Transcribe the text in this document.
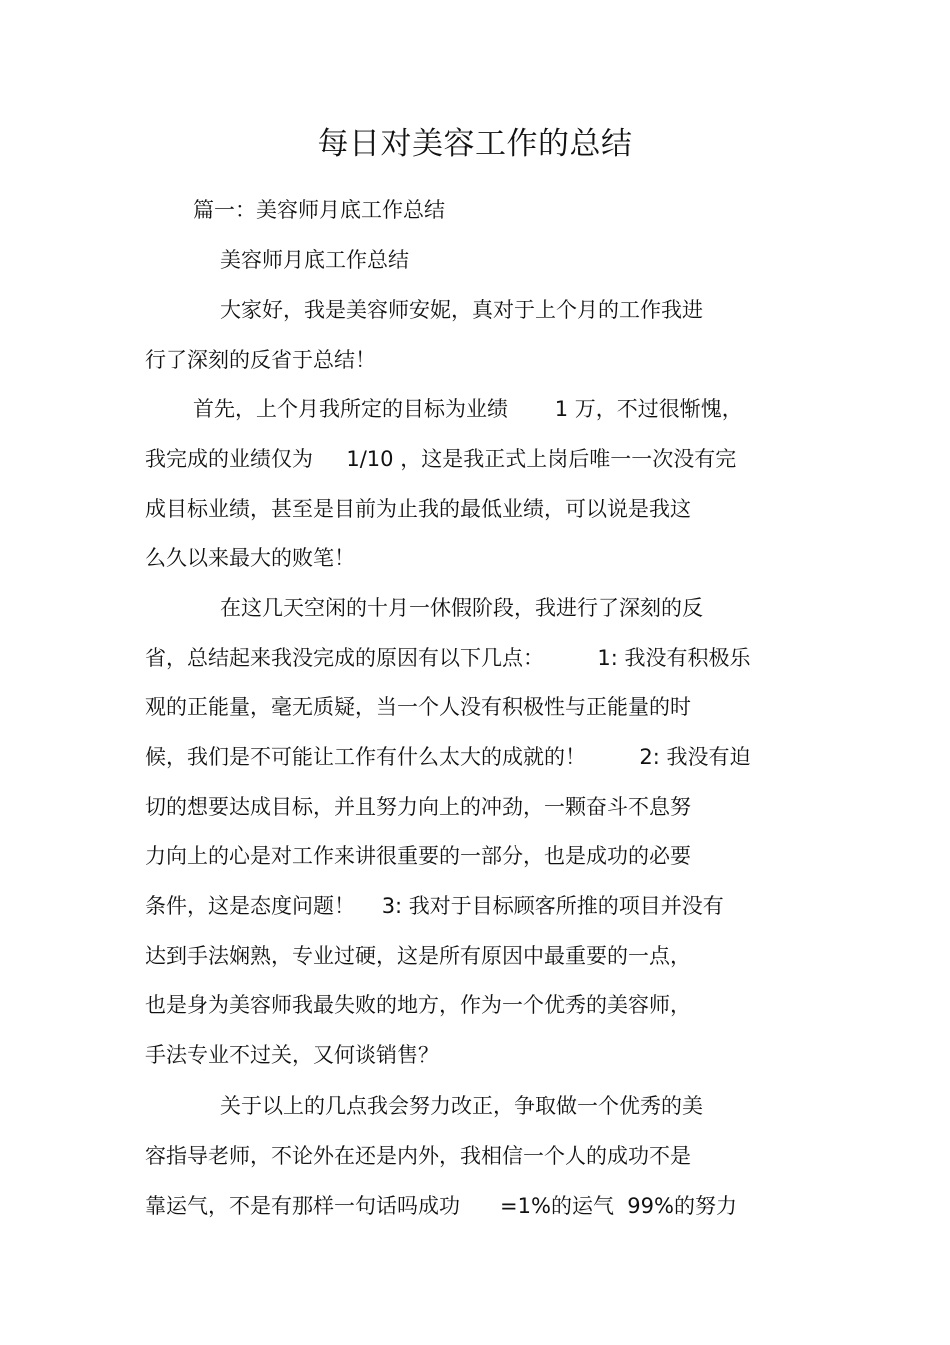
每日对美容工作的总结
篇一：美容师月底工作总结
美容师月底工作总结
大家好，我是美容师安妮，真对于上个月的工作我进
行了深刻的反省于总结！
首先，上个月我所定的目标为业绩       1 万，不过很惭愧，
我完成的业绩仅为     1/10 ，这是我正式上岗后唯一一次没有完
成目标业绩，甚至是目前为止我的最低业绩，可以说是我这
么久以来最大的败笔！
在这几天空闲的十月一休假阶段，我进行了深刻的反
省，总结起来我没完成的原因有以下几点：        1: 我没有积极乐
观的正能量，毫无质疑，当一个人没有积极性与正能量的时
候，我们是不可能让工作有什么太大的成就的！        2: 我没有迫
切的想要达成目标，并且努力向上的冲劲，一颗奋斗不息努
力向上的心是对工作来讲很重要的一部分，也是成功的必要
条件，这是态度问题！    3: 我对于目标顾客所推的项目并没有
达到手法娴熟，专业过硬，这是所有原因中最重要的一点，
也是身为美容师我最失败的地方，作为一个优秀的美容师，
手法专业不过关，又何谈销售？
关于以上的几点我会努力改正，争取做一个优秀的美
容指导老师，不论外在还是内外，我相信一个人的成功不是
靠运气，不是有那样一句话吗成功      =1%的运气  99%的努力
